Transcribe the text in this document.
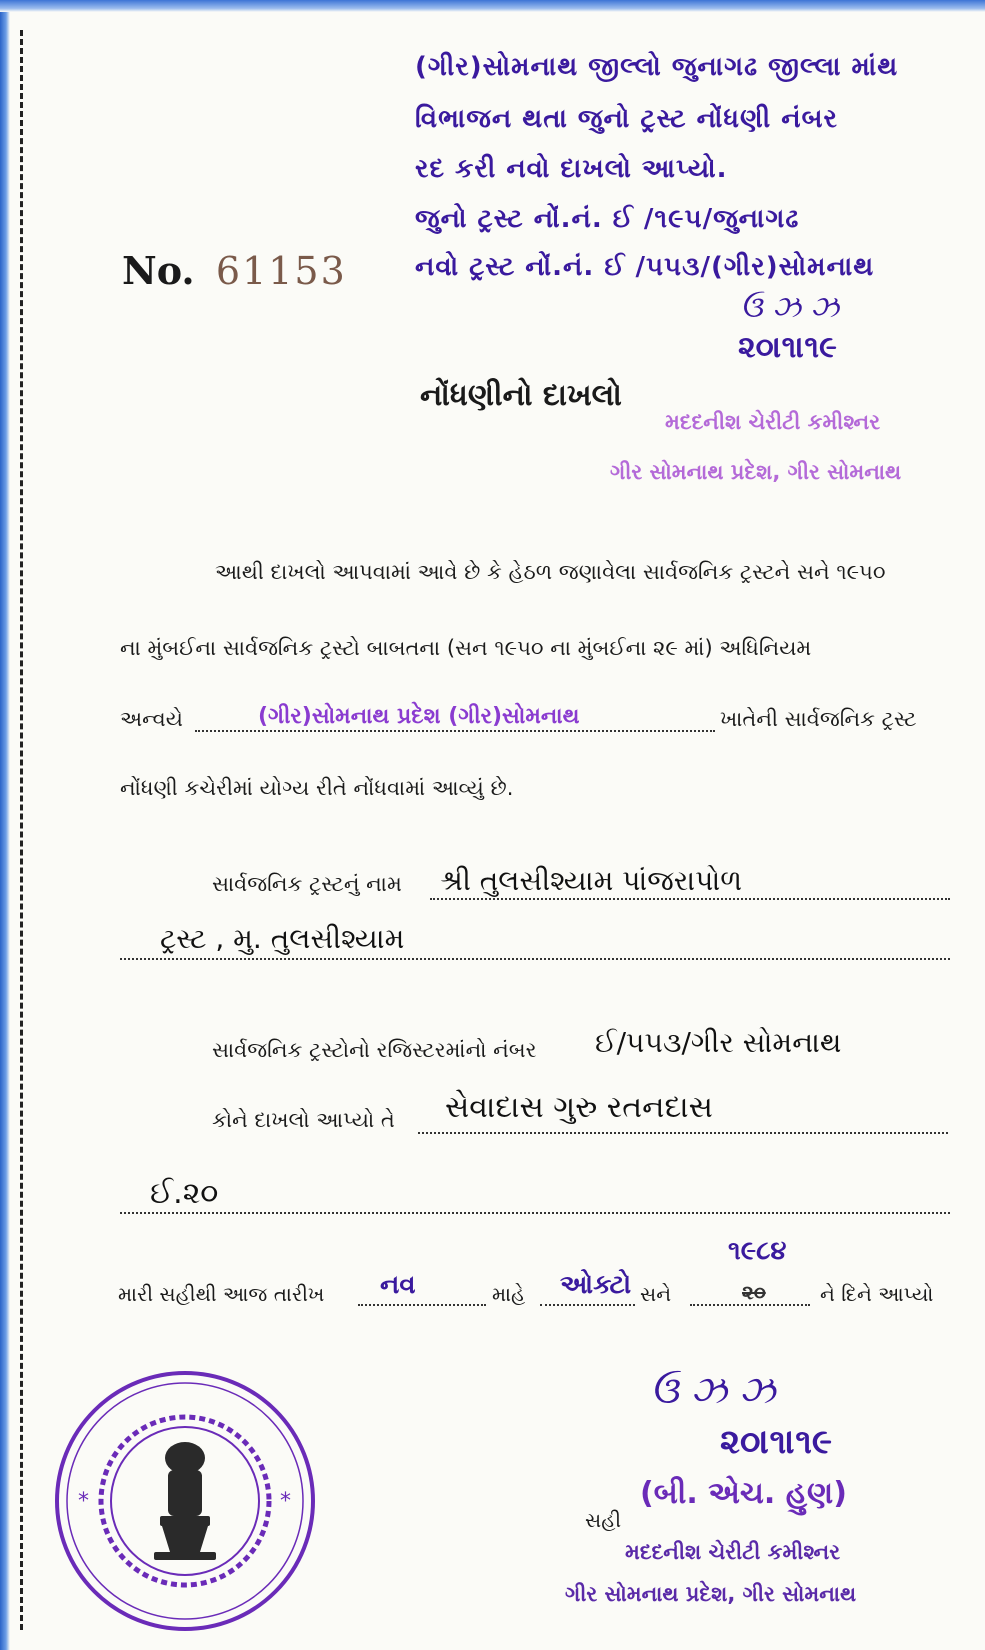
(ગીર)સોમનાથ જીલ્લો જુનાગઢ જીલ્લા માંથ
વિભાજન થતા જુનો ટ્રસ્ટ નોંધણી નંબર
રદ કરી નવો દાખલો આપ્યો.
જુનો ટ્રસ્ટ નોં.નં. ઈ /૧૯૫/જુનાગઢ
નવો ટ્રસ્ટ નોં.નં. ઈ /૫૫૩/(ગીર)સોમનાથ
ઉ ઝ ઝ
૨૦।૧।૧૯
No. 61153
નોંધણીનો દાખલો
મદદનીશ ચેરીટી કમીશ્નર
ગીર સોમનાથ પ્રદેશ, ગીર સોમનાથ
આથી દાખલો આપવામાં આવે છે કે હેઠળ જણાવેલા સાર્વજનિક ટ્રસ્ટને સને ૧૯૫૦
ના મુંબઈના સાર્વજનિક ટ્રસ્ટો બાબતના (સન ૧૯૫૦ ના મુંબઈના ૨૯ માં) અધિનિયમ
અન્વયે	(ગીર)સોમનાથ પ્રદેશ (ગીર)સોમનાથ	ખાતેની સાર્વજનિક ટ્રસ્ટ
નોંધણી કચેરીમાં યોગ્ય રીતે નોંધવામાં આવ્યું છે.
સાર્વજનિક ટ્રસ્ટનું નામ શ્રી તુલસીશ્યામ પાંજરાપોળ
ટ્રસ્ટ , મુ. તુલસીશ્યામ
સાર્વજનિક ટ્રસ્ટોનો રજિસ્ટરમાંનો નંબર ઈ/૫૫૩/ગીર સોમનાથ
કોને દાખલો આપ્યો તે સેવાદાસ ગુરુ રતનદાસ
ઈ.૨૦
મારી સહીથી આજ તારીખ નવ	માહે ઓક્ટો સને
૧૯૮૪
૨૦	ને દિને આપ્યો
*	*
ઉ ઝ ઝ
૨૦।૧।૧૯
સહી
(બી. એચ. હુણ)
મદદનીશ ચેરીટી કમીશ્નર
ગીર સોમનાથ પ્રદેશ, ગીર સોમનાથ
